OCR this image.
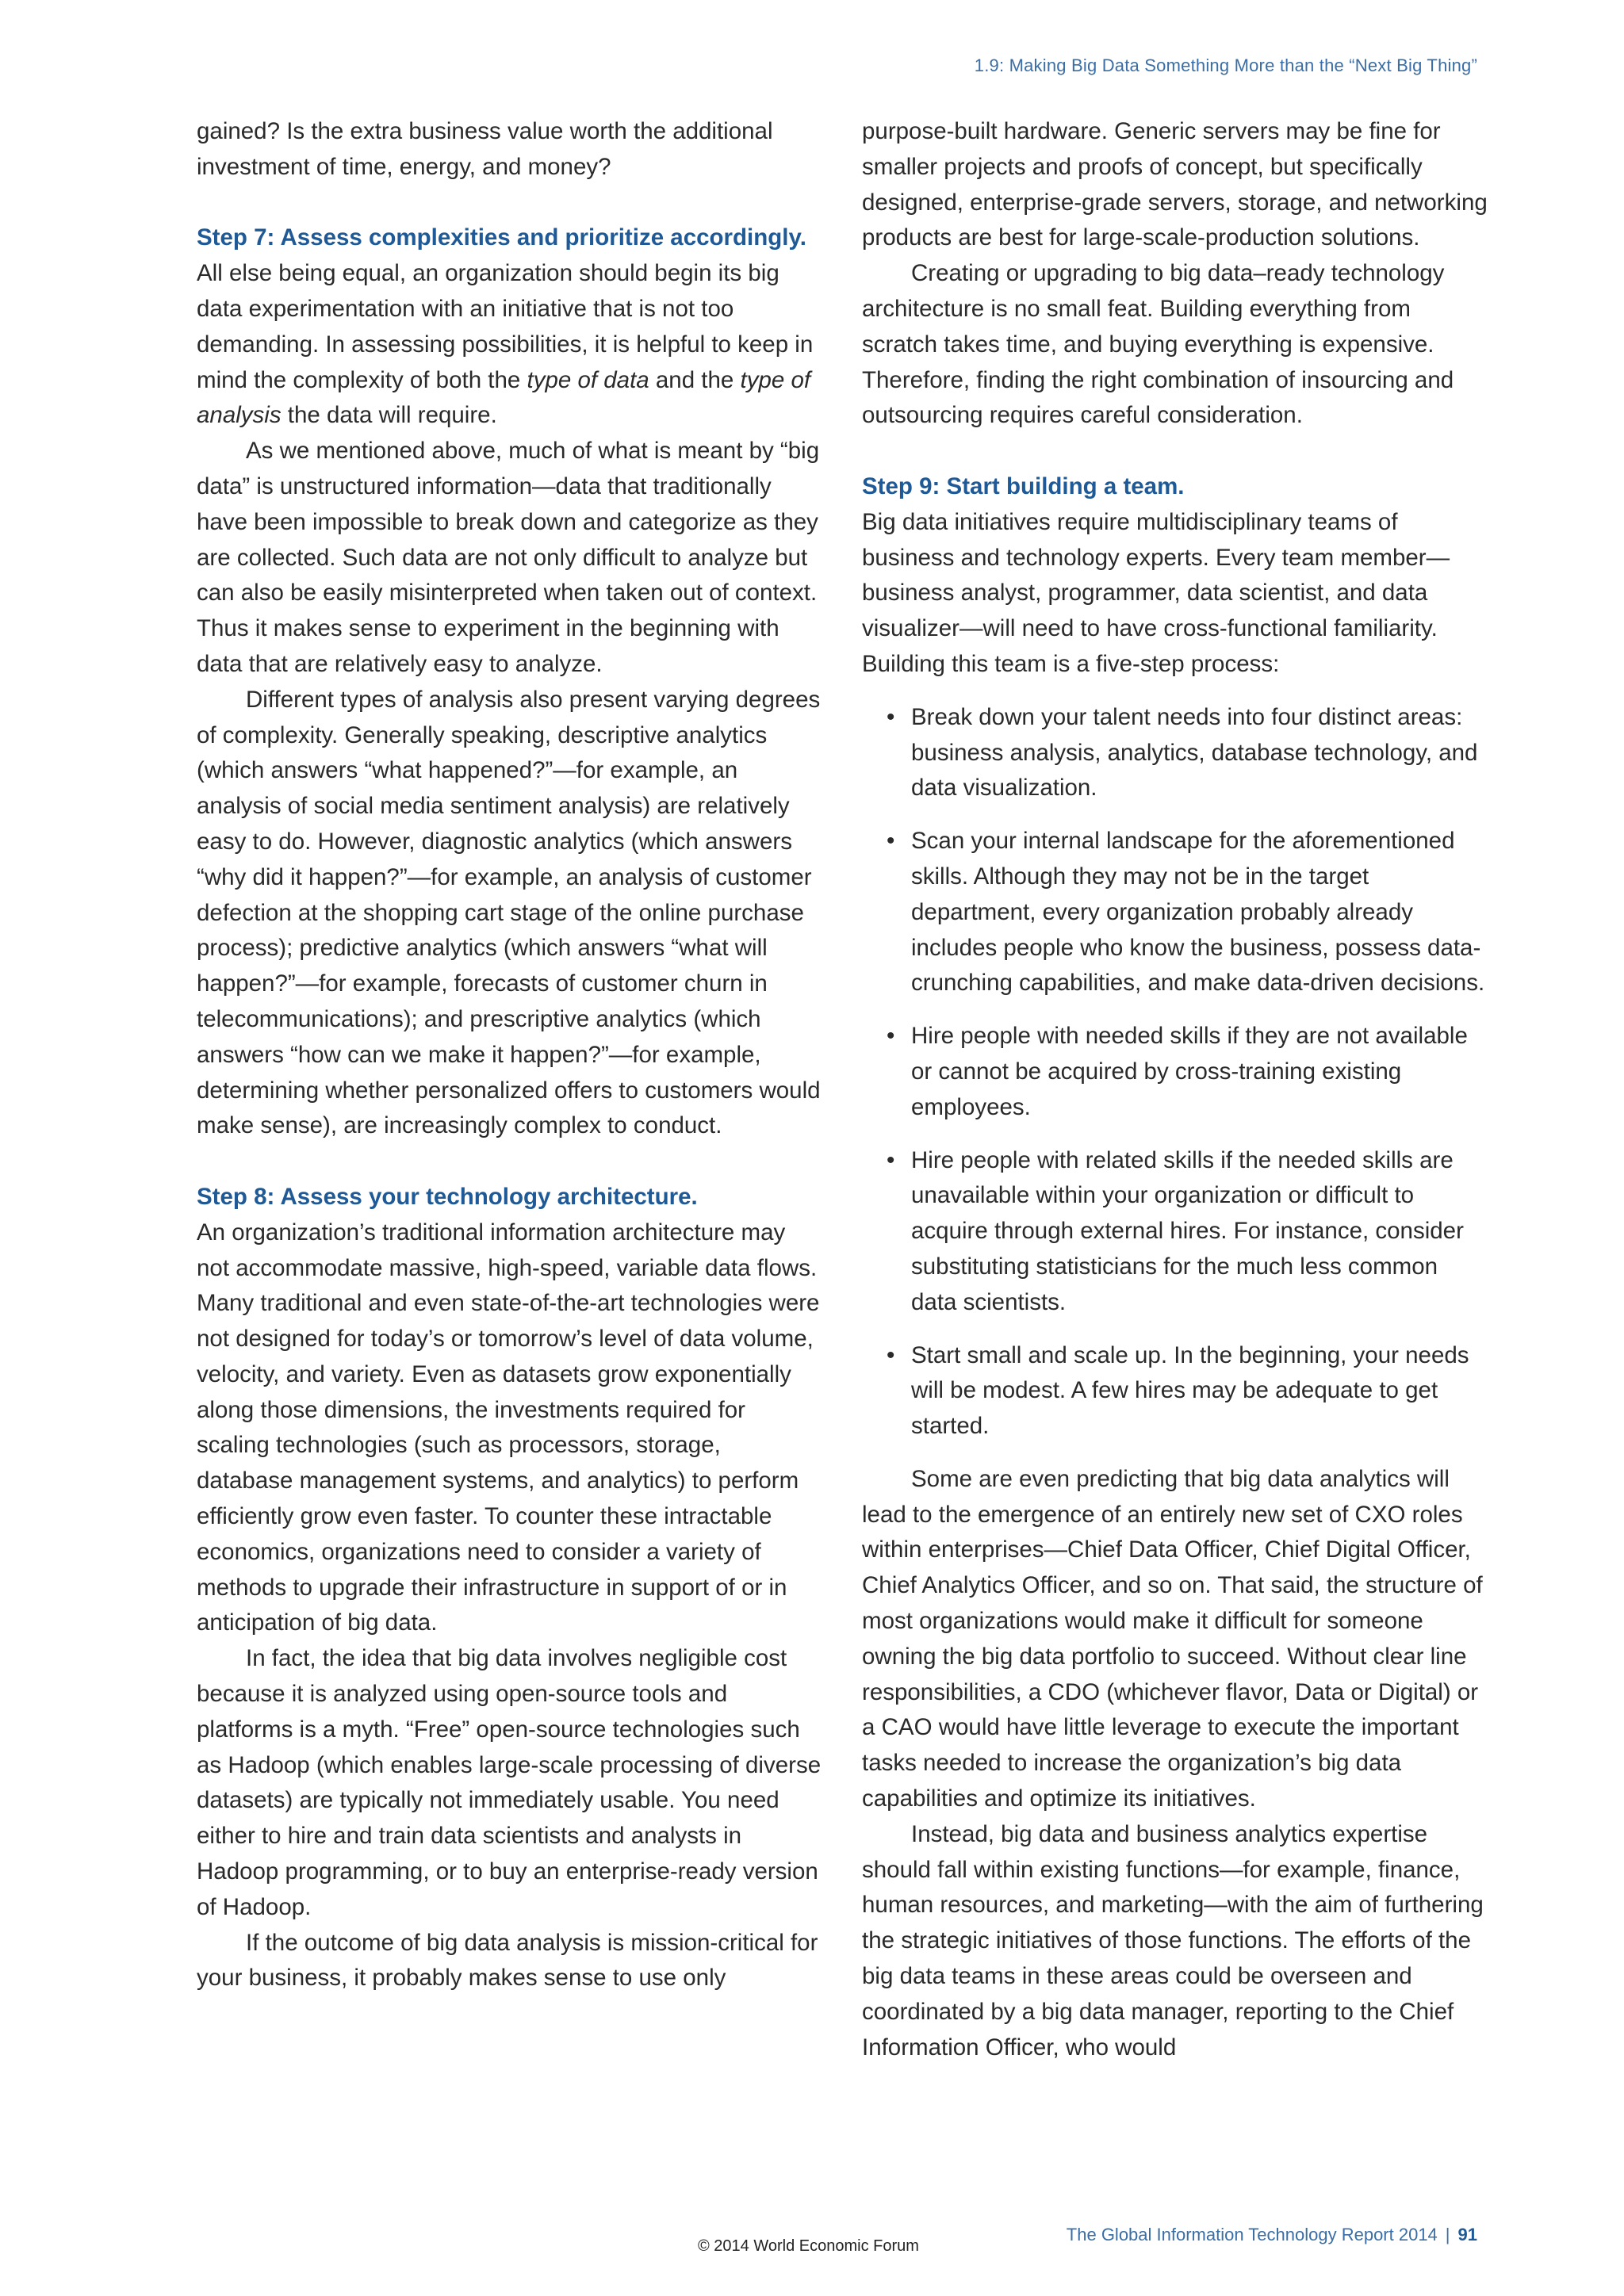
1.9: Making Big Data Something More than the “Next Big Thing”

gained? Is the extra business value worth the additional investment of time, energy, and money?

Step 7: Assess complexities and prioritize accordingly.

All else being equal, an organization should begin its big data experimentation with an initiative that is not too demanding. In assessing possibilities, it is helpful to keep in mind the complexity of both the type of data and the type of analysis the data will require.

As we mentioned above, much of what is meant by “big data” is unstructured information—data that traditionally have been impossible to break down and categorize as they are collected. Such data are not only difficult to analyze but can also be easily misinterpreted when taken out of context. Thus it makes sense to experiment in the beginning with data that are relatively easy to analyze.

Different types of analysis also present varying degrees of complexity. Generally speaking, descriptive analytics (which answers “what happened?”—for example, an analysis of social media sentiment analysis) are relatively easy to do. However, diagnostic analytics (which answers “why did it happen?”—for example, an analysis of customer defection at the shopping cart stage of the online purchase process); predictive analytics (which answers “what will happen?”—for example, forecasts of customer churn in telecommunications); and prescriptive analytics (which answers “how can we make it happen?”—for example, determining whether personalized offers to customers would make sense), are increasingly complex to conduct.

Step 8: Assess your technology architecture.

An organization’s traditional information architecture may not accommodate massive, high-speed, variable data flows. Many traditional and even state-of-the-art technologies were not designed for today’s or tomorrow’s level of data volume, velocity, and variety. Even as datasets grow exponentially along those dimensions, the investments required for scaling technologies (such as processors, storage, database management systems, and analytics) to perform efficiently grow even faster. To counter these intractable economics, organizations need to consider a variety of methods to upgrade their infrastructure in support of or in anticipation of big data.

In fact, the idea that big data involves negligible cost because it is analyzed using open-source tools and platforms is a myth. “Free” open-source technologies such as Hadoop (which enables large-scale processing of diverse datasets) are typically not immediately usable. You need either to hire and train data scientists and analysts in Hadoop programming, or to buy an enterprise-ready version of Hadoop.

If the outcome of big data analysis is mission-critical for your business, it probably makes sense to use only

purpose-built hardware. Generic servers may be fine for smaller projects and proofs of concept, but specifically designed, enterprise-grade servers, storage, and networking products are best for large-scale-production solutions.

Creating or upgrading to big data–ready technology architecture is no small feat. Building everything from scratch takes time, and buying everything is expensive. Therefore, finding the right combination of insourcing and outsourcing requires careful consideration.

Step 9: Start building a team.

Big data initiatives require multidisciplinary teams of business and technology experts. Every team member—business analyst, programmer, data scientist, and data visualizer—will need to have cross-functional familiarity. Building this team is a five-step process:

• Break down your talent needs into four distinct areas: business analysis, analytics, database technology, and data visualization.
• Scan your internal landscape for the aforementioned skills. Although they may not be in the target department, every organization probably already includes people who know the business, possess data-crunching capabilities, and make data-driven decisions.
• Hire people with needed skills if they are not available or cannot be acquired by cross-training existing employees.
• Hire people with related skills if the needed skills are unavailable within your organization or difficult to acquire through external hires. For instance, consider substituting statisticians for the much less common data scientists.
• Start small and scale up. In the beginning, your needs will be modest. A few hires may be adequate to get started.

Some are even predicting that big data analytics will lead to the emergence of an entirely new set of CXO roles within enterprises—Chief Data Officer, Chief Digital Officer, Chief Analytics Officer, and so on. That said, the structure of most organizations would make it difficult for someone owning the big data portfolio to succeed. Without clear line responsibilities, a CDO (whichever flavor, Data or Digital) or a CAO would have little leverage to execute the important tasks needed to increase the organization’s big data capabilities and optimize its initiatives.

Instead, big data and business analytics expertise should fall within existing functions—for example, finance, human resources, and marketing—with the aim of furthering the strategic initiatives of those functions. The efforts of the big data teams in these areas could be overseen and coordinated by a big data manager, reporting to the Chief Information Officer, who would

© 2014 World Economic Forum
The Global Information Technology Report 2014 | 91
